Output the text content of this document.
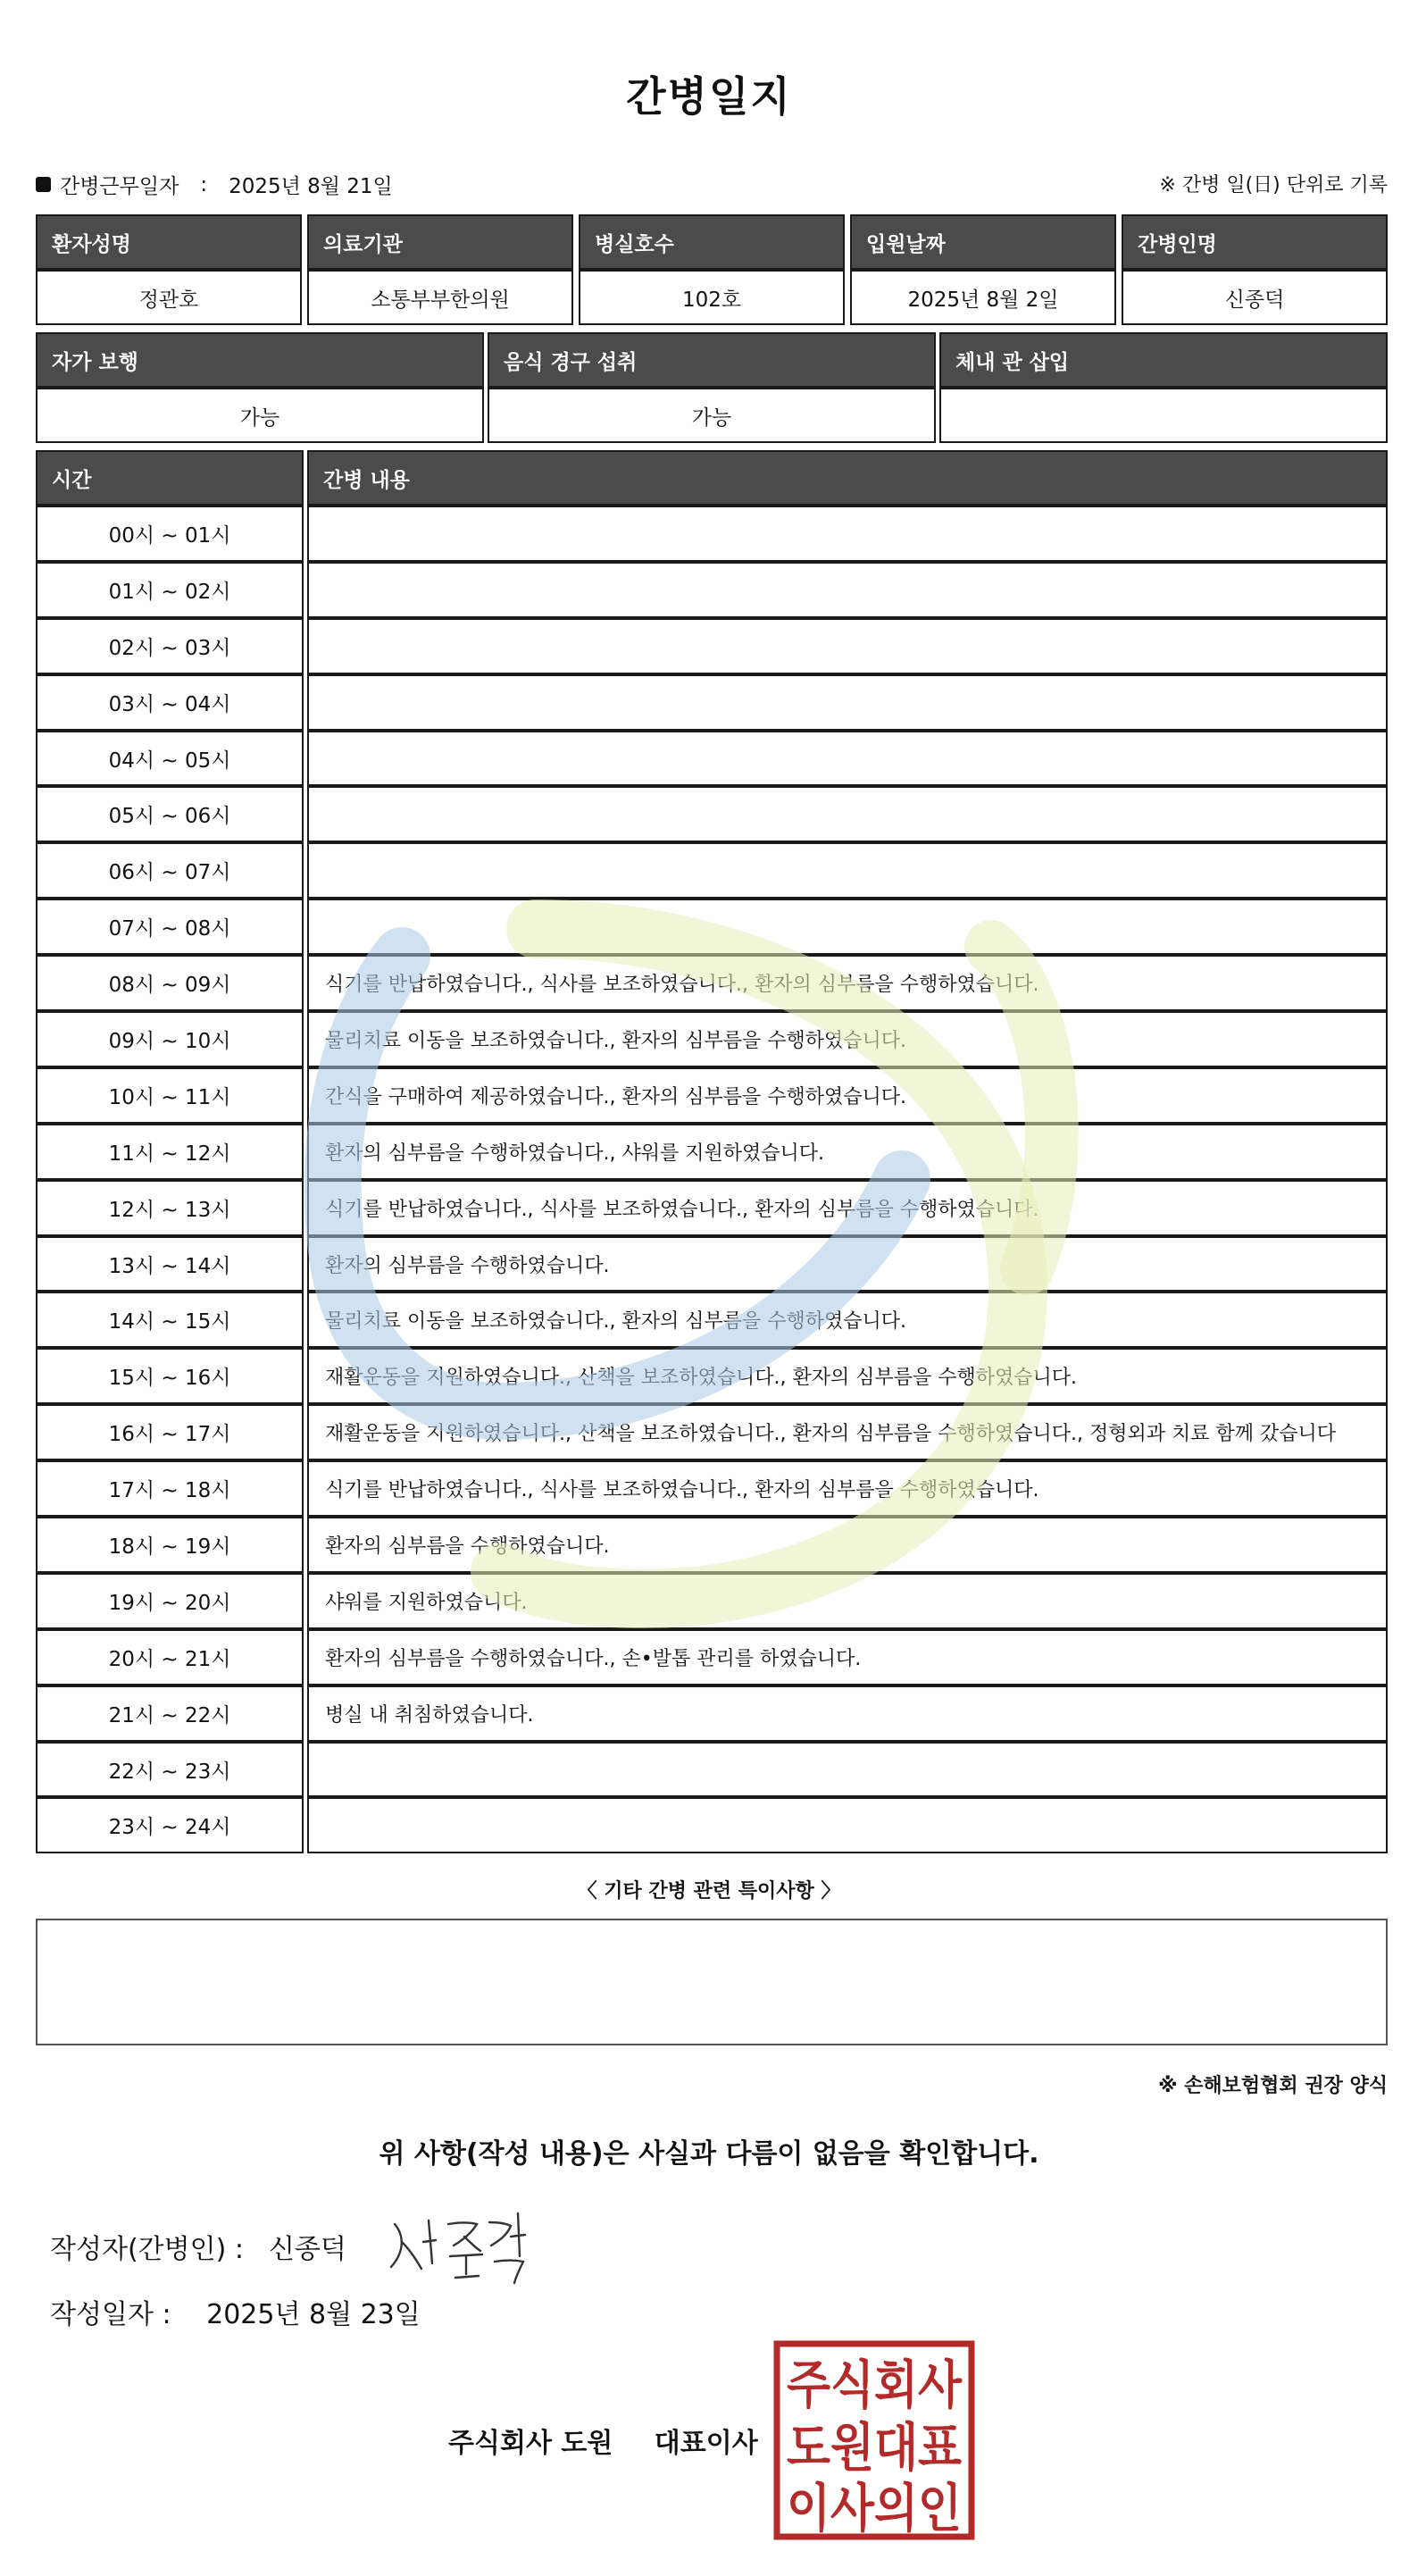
간병일지
간병근무일자 : 2025년 8월 21일	※ 간병 일(日) 단위로 기록
환자성명	의료기관	병실호수	입원날짜	간병인명
정관호	소통부부한의원	102호	2025년 8월 2일	신종덕
자가 보행	음식 경구 섭취	체내 관 삽입
가능	가능
시간	간병 내용
00시 ~ 01시
01시 ~ 02시
02시 ~ 03시
03시 ~ 04시
04시 ~ 05시
05시 ~ 06시
06시 ~ 07시
07시 ~ 08시
08시 ~ 09시	식기를 반납하였습니다., 식사를 보조하였습니다., 환자의 심부름을 수행하였습니다.
09시 ~ 10시	물리치료 이동을 보조하였습니다., 환자의 심부름을 수행하였습니다.
10시 ~ 11시	간식을 구매하여 제공하였습니다., 환자의 심부름을 수행하였습니다.
11시 ~ 12시	환자의 심부름을 수행하였습니다., 샤워를 지원하였습니다.
12시 ~ 13시	식기를 반납하였습니다., 식사를 보조하였습니다., 환자의 심부름을 수행하였습니다.
13시 ~ 14시	환자의 심부름을 수행하였습니다.
14시 ~ 15시	물리치료 이동을 보조하였습니다., 환자의 심부름을 수행하였습니다.
15시 ~ 16시	재활운동을 지원하였습니다., 산책을 보조하였습니다., 환자의 심부름을 수행하였습니다.
16시 ~ 17시	재활운동을 지원하였습니다., 산책을 보조하였습니다., 환자의 심부름을 수행하였습니다., 정형외과 치료 함께 갔습니다
17시 ~ 18시	식기를 반납하였습니다., 식사를 보조하였습니다., 환자의 심부름을 수행하였습니다.
18시 ~ 19시	환자의 심부름을 수행하였습니다.
19시 ~ 20시	샤워를 지원하였습니다.
20시 ~ 21시	환자의 심부름을 수행하였습니다., 손•발톱 관리를 하였습니다.
21시 ~ 22시	병실 내 취침하였습니다.
22시 ~ 23시
23시 ~ 24시
〈 기타 간병 관련 특이사항 〉
※ 손해보험협회 권장 양식
위 사항(작성 내용)은 사실과 다름이 없음을 확인합니다.
작성자(간병인) : 신종덕
작성일자 : 2025년 8월 23일
주식회사 도원 대표이사
주식회사
도원대표
이사의인
